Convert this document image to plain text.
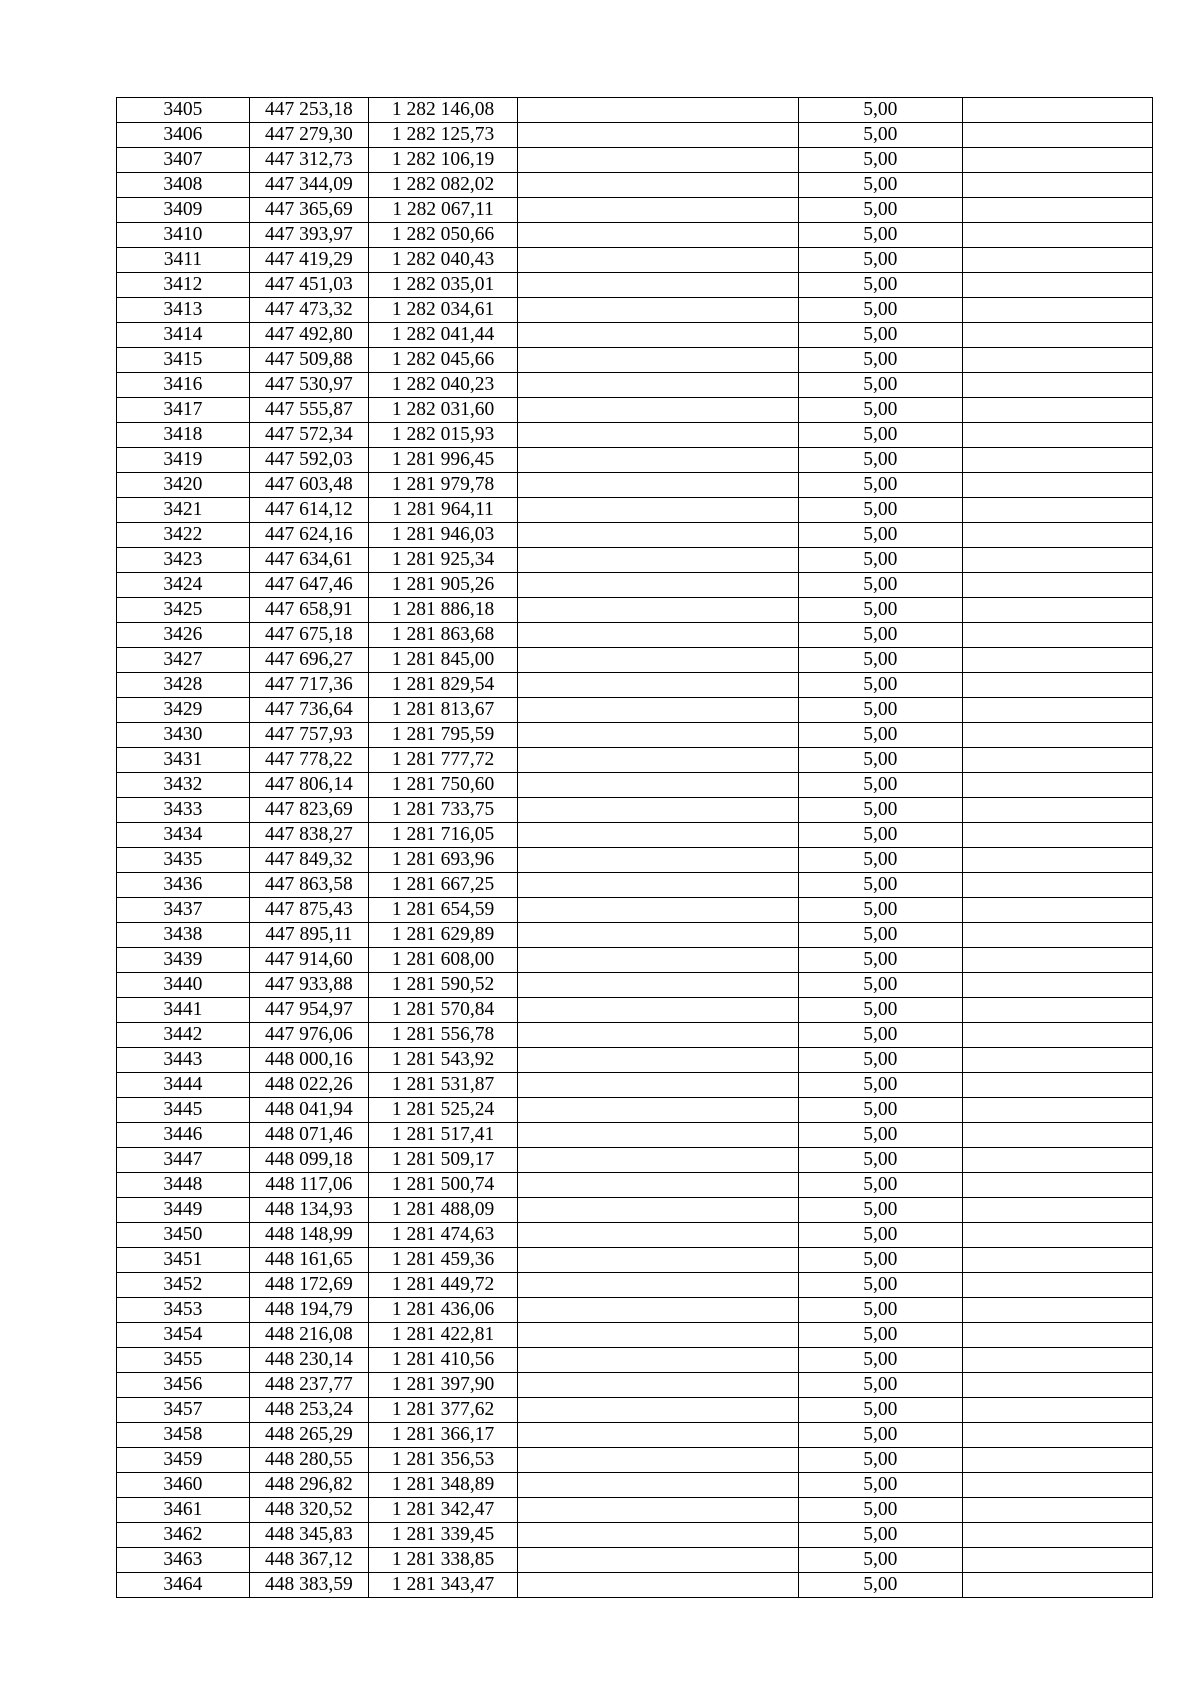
3405	447 253,18	1 282 146,08		5,00	
3406	447 279,30	1 282 125,73		5,00	
3407	447 312,73	1 282 106,19		5,00	
3408	447 344,09	1 282 082,02		5,00	
3409	447 365,69	1 282 067,11		5,00	
3410	447 393,97	1 282 050,66		5,00	
3411	447 419,29	1 282 040,43		5,00	
3412	447 451,03	1 282 035,01		5,00	
3413	447 473,32	1 282 034,61		5,00	
3414	447 492,80	1 282 041,44		5,00	
3415	447 509,88	1 282 045,66		5,00	
3416	447 530,97	1 282 040,23		5,00	
3417	447 555,87	1 282 031,60		5,00	
3418	447 572,34	1 282 015,93		5,00	
3419	447 592,03	1 281 996,45		5,00	
3420	447 603,48	1 281 979,78		5,00	
3421	447 614,12	1 281 964,11		5,00	
3422	447 624,16	1 281 946,03		5,00	
3423	447 634,61	1 281 925,34		5,00	
3424	447 647,46	1 281 905,26		5,00	
3425	447 658,91	1 281 886,18		5,00	
3426	447 675,18	1 281 863,68		5,00	
3427	447 696,27	1 281 845,00		5,00	
3428	447 717,36	1 281 829,54		5,00	
3429	447 736,64	1 281 813,67		5,00	
3430	447 757,93	1 281 795,59		5,00	
3431	447 778,22	1 281 777,72		5,00	
3432	447 806,14	1 281 750,60		5,00	
3433	447 823,69	1 281 733,75		5,00	
3434	447 838,27	1 281 716,05		5,00	
3435	447 849,32	1 281 693,96		5,00	
3436	447 863,58	1 281 667,25		5,00	
3437	447 875,43	1 281 654,59		5,00	
3438	447 895,11	1 281 629,89		5,00	
3439	447 914,60	1 281 608,00		5,00	
3440	447 933,88	1 281 590,52		5,00	
3441	447 954,97	1 281 570,84		5,00	
3442	447 976,06	1 281 556,78		5,00	
3443	448 000,16	1 281 543,92		5,00	
3444	448 022,26	1 281 531,87		5,00	
3445	448 041,94	1 281 525,24		5,00	
3446	448 071,46	1 281 517,41		5,00	
3447	448 099,18	1 281 509,17		5,00	
3448	448 117,06	1 281 500,74		5,00	
3449	448 134,93	1 281 488,09		5,00	
3450	448 148,99	1 281 474,63		5,00	
3451	448 161,65	1 281 459,36		5,00	
3452	448 172,69	1 281 449,72		5,00	
3453	448 194,79	1 281 436,06		5,00	
3454	448 216,08	1 281 422,81		5,00	
3455	448 230,14	1 281 410,56		5,00	
3456	448 237,77	1 281 397,90		5,00	
3457	448 253,24	1 281 377,62		5,00	
3458	448 265,29	1 281 366,17		5,00	
3459	448 280,55	1 281 356,53		5,00	
3460	448 296,82	1 281 348,89		5,00	
3461	448 320,52	1 281 342,47		5,00	
3462	448 345,83	1 281 339,45		5,00	
3463	448 367,12	1 281 338,85		5,00	
3464	448 383,59	1 281 343,47		5,00	
